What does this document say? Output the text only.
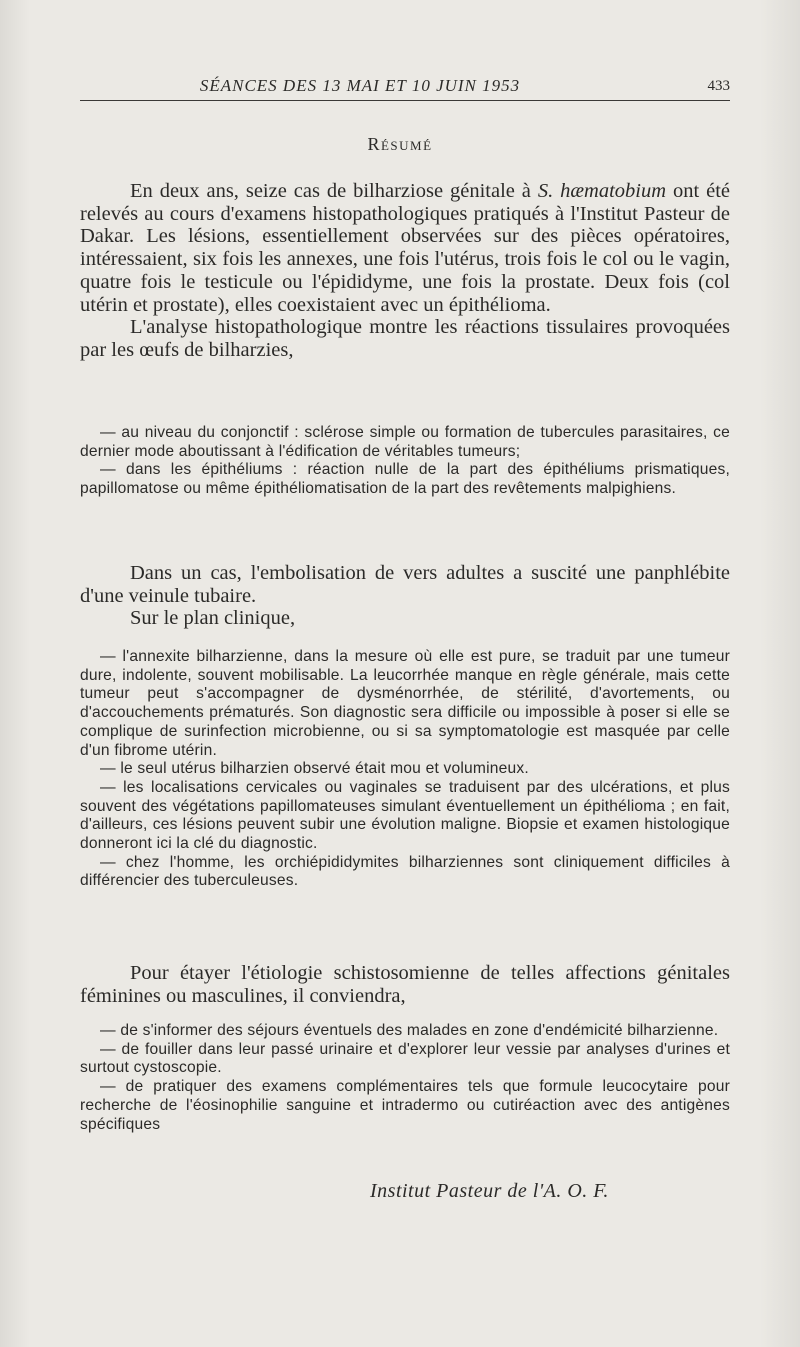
SÉANCES DES 13 MAI ET 10 JUIN 1953	433
Résumé

En deux ans, seize cas de bilharziose génitale à S. hæmatobium ont été relevés au cours d'examens histopathologiques pratiqués à l'Institut Pasteur de Dakar. Les lésions, essentiellement observées sur des pièces opératoires, intéressaient, six fois les annexes, une fois l'utérus, trois fois le col ou le vagin, quatre fois le testicule ou l'épididyme, une fois la prostate. Deux fois (col utérin et prostate), elles coexistaient avec un épithélioma.

L'analyse histopathologique montre les réactions tissulaires provoquées par les œufs de bilharzies,

— au niveau du conjonctif : sclérose simple ou formation de tubercules parasitaires, ce dernier mode aboutissant à l'édification de véritables tumeurs;

— dans les épithéliums : réaction nulle de la part des épithéliums prismatiques, papillomatose ou même épithéliomatisation de la part des revêtements malpighiens.

Dans un cas, l'embolisation de vers adultes a suscité une panphlébite d'une veinule tubaire.

Sur le plan clinique,

— l'annexite bilharzienne, dans la mesure où elle est pure, se traduit par une tumeur dure, indolente, souvent mobilisable. La leucorrhée manque en règle générale, mais cette tumeur peut s'accompagner de dysménorrhée, de stérilité, d'avortements, ou d'accouchements prématurés. Son diagnostic sera difficile ou impossible à poser si elle se complique de surinfection microbienne, ou si sa symptomatologie est masquée par celle d'un fibrome utérin.

— le seul utérus bilharzien observé était mou et volumineux.

— les localisations cervicales ou vaginales se traduisent par des ulcérations, et plus souvent des végétations papillomateuses simulant éventuellement un épithélioma ; en fait, d'ailleurs, ces lésions peuvent subir une évolution maligne. Biopsie et examen histologique donneront ici la clé du diagnostic.

— chez l'homme, les orchiépididymites bilharziennes sont cliniquement difficiles à différencier des tuberculeuses.

Pour étayer l'étiologie schistosomienne de telles affections génitales féminines ou masculines, il conviendra,

— de s'informer des séjours éventuels des malades en zone d'endémicité bilharzienne.

— de fouiller dans leur passé urinaire et d'explorer leur vessie par analyses d'urines et surtout cystoscopie.

— de pratiquer des examens complémentaires tels que formule leucocytaire pour recherche de l'éosinophilie sanguine et intradermo ou cutiréaction avec des antigènes spécifiques

Institut Pasteur de l'A. O. F.
